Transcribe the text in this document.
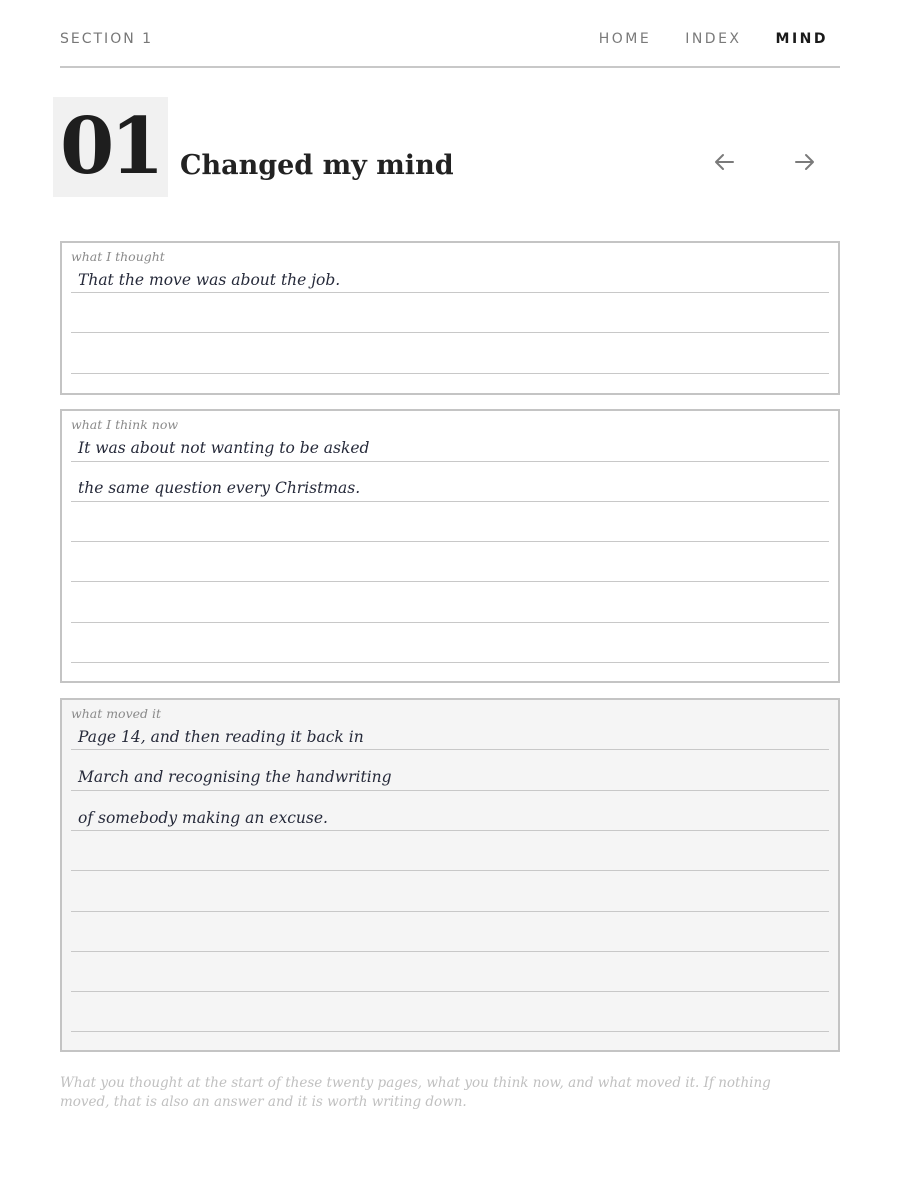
SECTION 1	HOME INDEX MIND
01 Changed my mind
what I thought
That the move was about the job.
what I think now
It was about not wanting to be asked
the same question every Christmas.
what moved it
Page 14, and then reading it back in
March and recognising the handwriting
of somebody making an excuse.

What you thought at the start of these twenty pages, what you think now, and what moved it. If nothing moved, that is also an answer and it is worth writing down.
